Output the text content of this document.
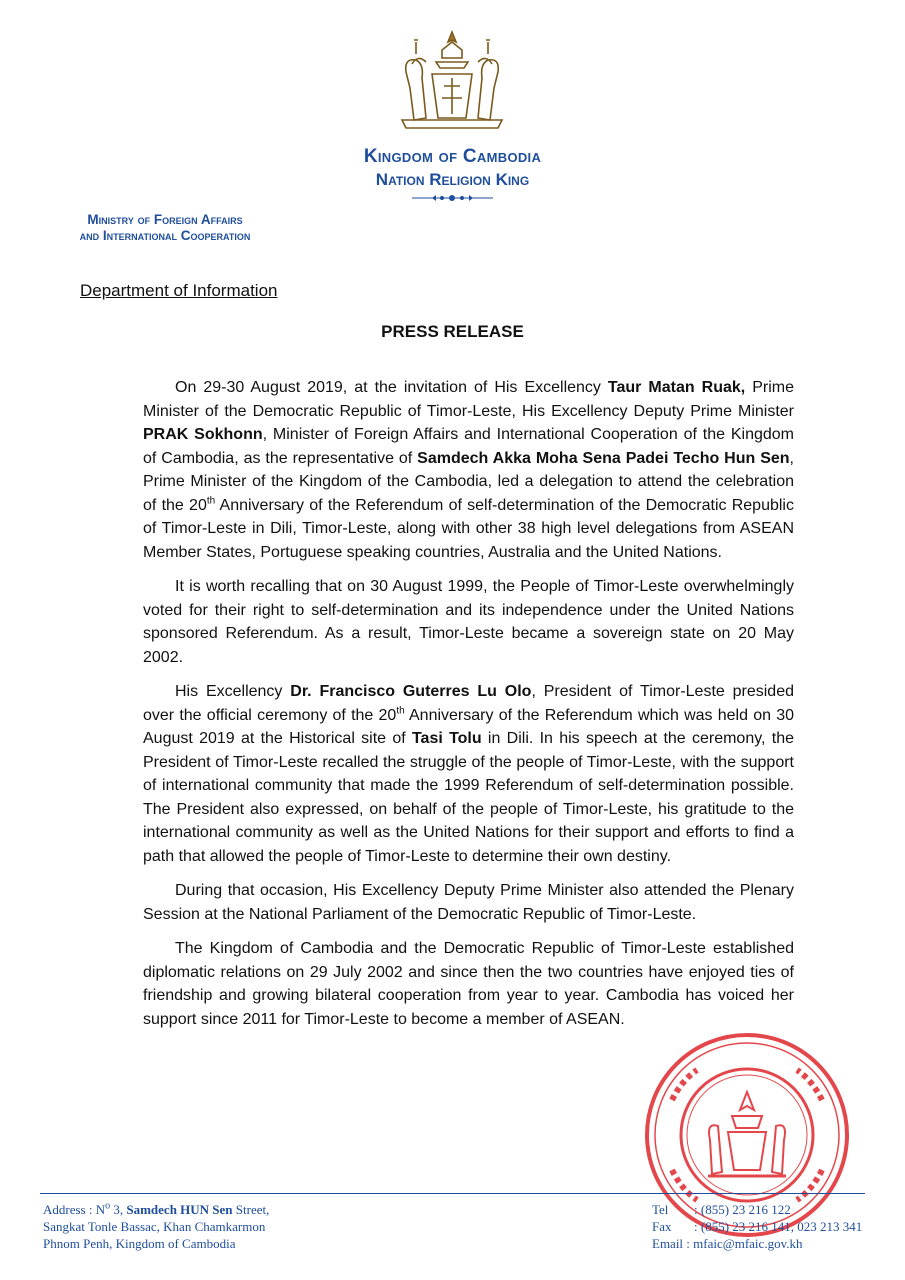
Kingdom of Cambodia
Nation Religion King
Ministry of Foreign Affairs
and International Cooperation
Department of Information
PRESS RELEASE

On 29-30 August 2019, at the invitation of His Excellency Taur Matan Ruak, Prime Minister of the Democratic Republic of Timor-Leste, His Excellency Deputy Prime Minister PRAK Sokhonn, Minister of Foreign Affairs and International Cooperation of the Kingdom of Cambodia, as the representative of Samdech Akka Moha Sena Padei Techo Hun Sen, Prime Minister of the Kingdom of the Cambodia, led a delegation to attend the celebration of the 20th Anniversary of the Referendum of self-determination of the Democratic Republic of Timor-Leste in Dili, Timor-Leste, along with other 38 high level delegations from ASEAN Member States, Portuguese speaking countries, Australia and the United Nations.

It is worth recalling that on 30 August 1999, the People of Timor-Leste overwhelmingly voted for their right to self-determination and its independence under the United Nations sponsored Referendum. As a result, Timor-Leste became a sovereign state on 20 May 2002.

His Excellency Dr. Francisco Guterres Lu Olo, President of Timor-Leste presided over the official ceremony of the 20th Anniversary of the Referendum which was held on 30 August 2019 at the Historical site of Tasi Tolu in Dili. In his speech at the ceremony, the President of Timor-Leste recalled the struggle of the people of Timor-Leste, with the support of international community that made the 1999 Referendum of self-determination possible. The President also expressed, on behalf of the people of Timor-Leste, his gratitude to the international community as well as the United Nations for their support and efforts to find a path that allowed the people of Timor-Leste to determine their own destiny.

During that occasion, His Excellency Deputy Prime Minister also attended the Plenary Session at the National Parliament of the Democratic Republic of Timor-Leste.

The Kingdom of Cambodia and the Democratic Republic of Timor-Leste established diplomatic relations on 29 July 2002 and since then the two countries have enjoyed ties of friendship and growing bilateral cooperation from year to year. Cambodia has voiced her support since 2011 for Timor-Leste to become a member of ASEAN.

Address : $N^o$ 3, Samdech HUN Sen Street,
Sangkat Tonle Bassac, Khan Chamkarmon
Phnom Penh, Kingdom of Cambodia
Tel : (855) 23 216 122
Fax : (855) 23 216 141, 023 213 341
Email : mfaic@mfaic.gov.kh
